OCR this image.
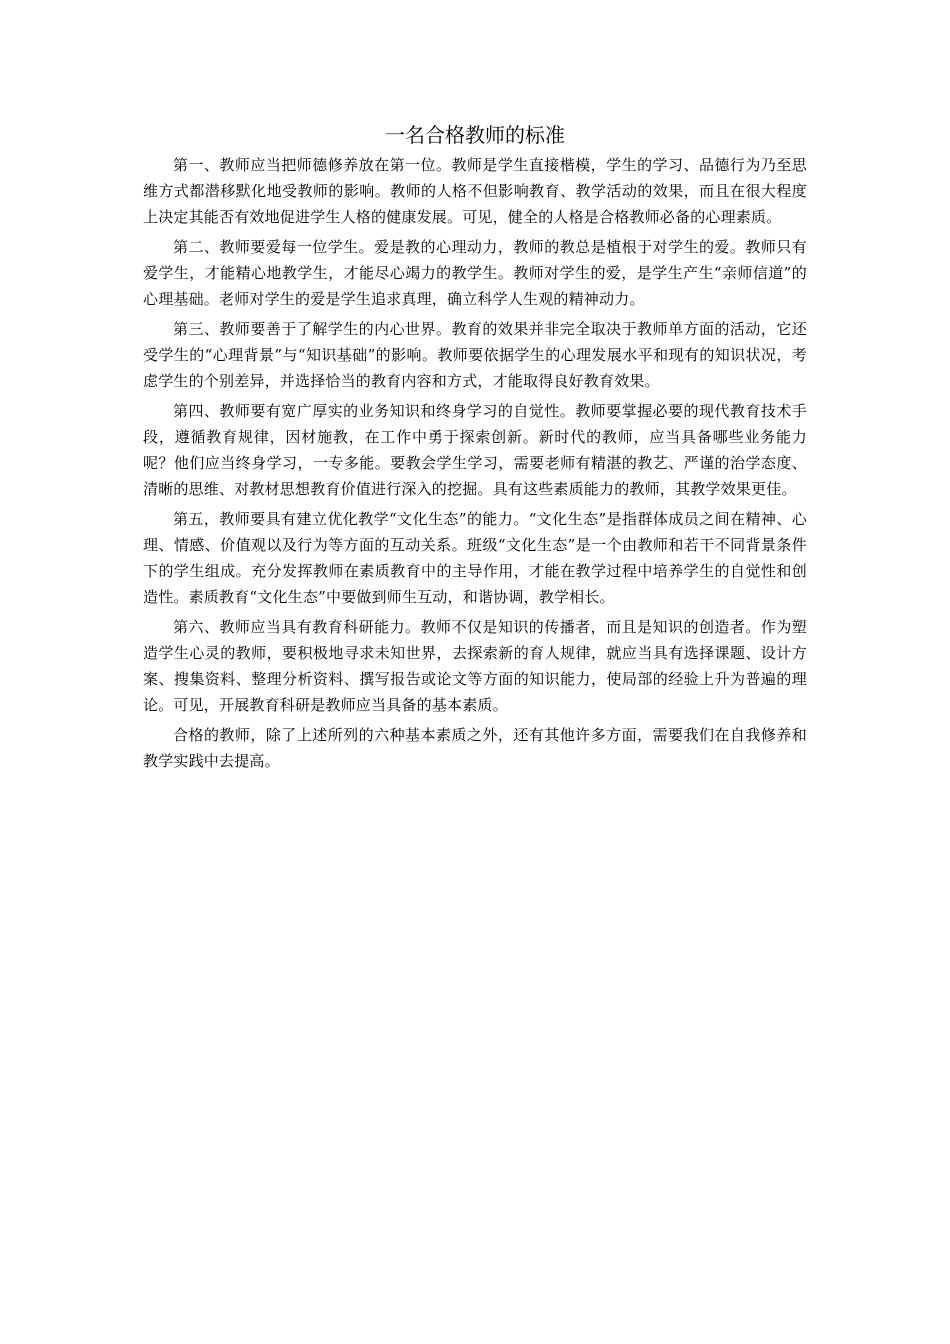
一名合格教师的标准

第一、教师应当把师德修养放在第一位。教师是学生直接楷模，学生的学习、品德行为乃至思维方式都潜移默化地受教师的影响。教师的人格不但影响教育、教学活动的效果，而且在很大程度上决定其能否有效地促进学生人格的健康发展。可见，健全的人格是合格教师必备的心理素质。

第二、教师要爱每一位学生。爱是教的心理动力，教师的教总是植根于对学生的爱。教师只有爱学生，才能精心地教学生，才能尽心竭力的教学生。教师对学生的爱，是学生产生“亲师信道”的心理基础。老师对学生的爱是学生追求真理，确立科学人生观的精神动力。

第三、教师要善于了解学生的内心世界。教育的效果并非完全取决于教师单方面的活动，它还受学生的“心理背景”与“知识基础”的影响。教师要依据学生的心理发展水平和现有的知识状况，考虑学生的个别差异，并选择恰当的教育内容和方式，才能取得良好教育效果。

第四、教师要有宽广厚实的业务知识和终身学习的自觉性。教师要掌握必要的现代教育技术手段，遵循教育规律，因材施教，在工作中勇于探索创新。新时代的教师，应当具备哪些业务能力呢？他们应当终身学习，一专多能。要教会学生学习，需要老师有精湛的教艺、严谨的治学态度、清晰的思维、对教材思想教育价值进行深入的挖掘。具有这些素质能力的教师，其教学效果更佳。

第五，教师要具有建立优化教学“文化生态”的能力。“文化生态”是指群体成员之间在精神、心理、情感、价值观以及行为等方面的互动关系。班级“文化生态”是一个由教师和若干不同背景条件下的学生组成。充分发挥教师在素质教育中的主导作用，才能在教学过程中培养学生的自觉性和创造性。素质教育“文化生态”中要做到师生互动，和谐协调，教学相长。

第六、教师应当具有教育科研能力。教师不仅是知识的传播者，而且是知识的创造者。作为塑造学生心灵的教师，要积极地寻求未知世界，去探索新的育人规律，就应当具有选择课题、设计方案、搜集资料、整理分析资料、撰写报告或论文等方面的知识能力，使局部的经验上升为普遍的理论。可见，开展教育科研是教师应当具备的基本素质。

合格的教师，除了上述所列的六种基本素质之外，还有其他许多方面，需要我们在自我修养和教学实践中去提高。
